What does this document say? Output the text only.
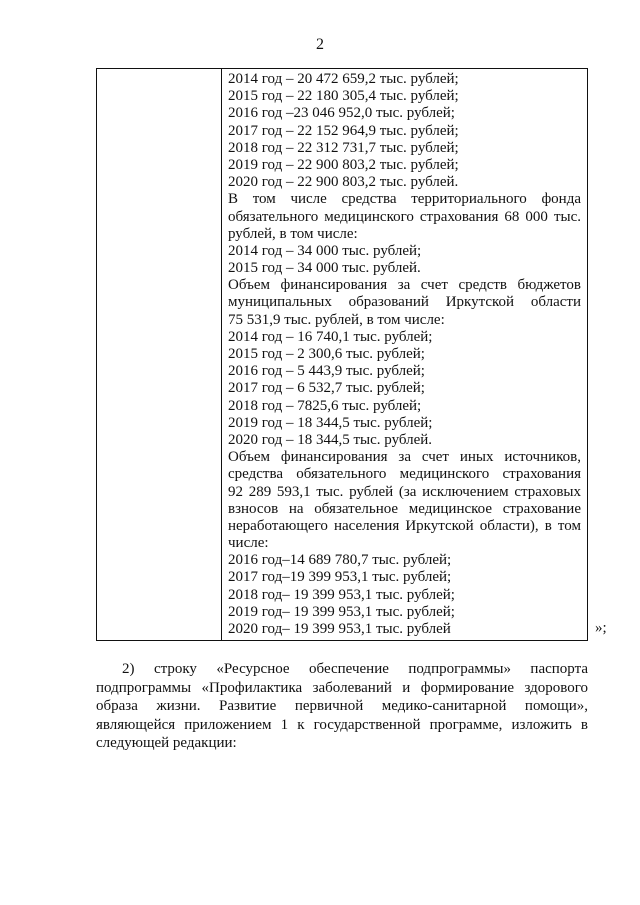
2
2014 год – 20 472 659,2 тыс. рублей;
2015 год – 22 180 305,4 тыс. рублей;
2016 год –23 046 952,0 тыс. рублей;
2017 год – 22 152 964,9 тыс. рублей;
2018 год – 22 312 731,7 тыс. рублей;
2019 год – 22 900 803,2 тыс. рублей;
2020 год – 22 900 803,2 тыс. рублей.
В том числе средства территориального фонда
обязательного медицинского страхования 68 000 тыс.
рублей, в том числе:
2014 год – 34 000 тыс. рублей;
2015 год – 34 000 тыс. рублей.
Объем финансирования за счет средств бюджетов
муниципальных образований Иркутской области
75 531,9 тыс. рублей, в том числе:
2014 год – 16 740,1 тыс. рублей;
2015 год – 2 300,6 тыс. рублей;
2016 год – 5 443,9 тыс. рублей;
2017 год – 6 532,7 тыс. рублей;
2018 год – 7825,6 тыс. рублей;
2019 год – 18 344,5 тыс. рублей;
2020 год – 18 344,5 тыс. рублей.
Объем финансирования за счет иных источников,
средства обязательного медицинского страхования
92 289 593,1 тыс. рублей (за исключением страховых
взносов на обязательное медицинское страхование
неработающего населения Иркутской области), в том
числе:
2016 год–14 689 780,7 тыс. рублей;
2017 год–19 399 953,1 тыс. рублей;
2018 год– 19 399 953,1 тыс. рублей;
2019 год– 19 399 953,1 тыс. рублей;
2020 год– 19 399 953,1 тыс. рублей	»;
2) строку «Ресурсное обеспечение подпрограммы» паспорта
подпрограммы «Профилактика заболеваний и формирование здорового
образа жизни. Развитие первичной медико-санитарной помощи»,
являющейся приложением 1 к государственной программе, изложить в
следующей редакции:
